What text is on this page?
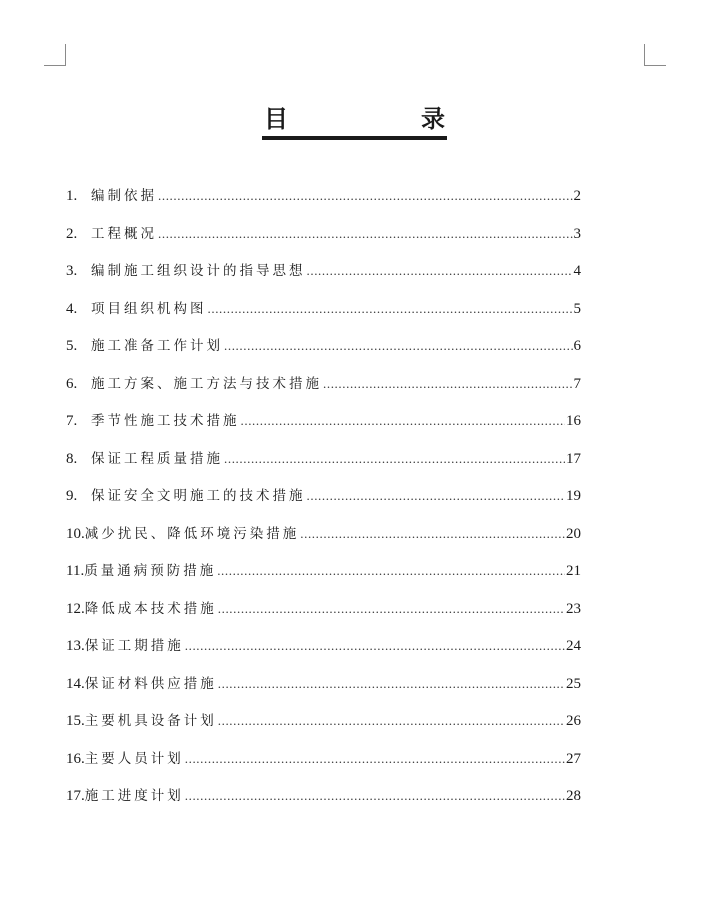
目	录
1.	编制依据 .....	2
2.	工程概况 .....	3
3.	编制施工组织设计的指导思想 .....	4
4.	项目组织机构图 .....	5
5.	施工准备工作计划 .....	6
6.	施工方案、施工方法与技术措施 .....	7
7.	季节性施工技术措施 .....	16
8.	保证工程质量措施 .....	17
9.	保证安全文明施工的技术措施 .....	19
10. 减少扰民、降低环境污染措施 .....	20
11. 质量通病预防措施 .....	21
12. 降低成本技术措施 .....	23
13. 保证工期措施 .....	24
14. 保证材料供应措施 .....	25
15. 主要机具设备计划 .....	26
16. 主要人员计划 .....	27
17. 施工进度计划 .....	28
